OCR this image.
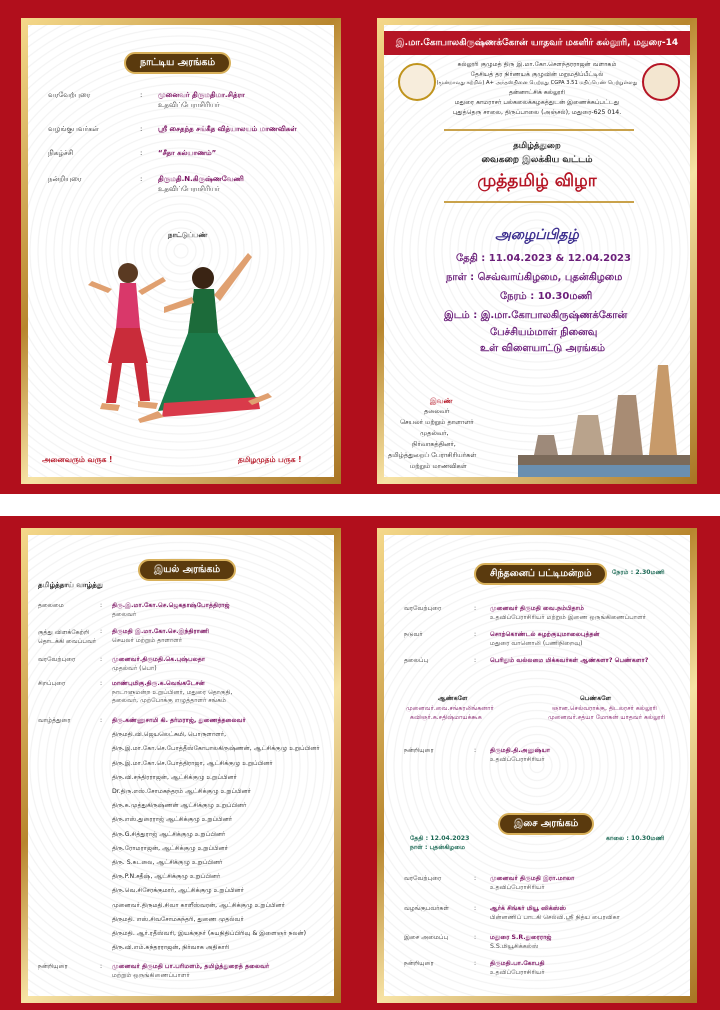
நாட்டிய அரங்கம்
வரவேற்புரை	: முனைவர் திருமதிமா.சித்ரா
உதவிப்பேராசிரியர்
வழங்குபவர்கள்	: ஸ்ரீ சைதந்த சங்கீத வித்யாலயம் மாணவிகள்
நிகழ்ச்சி	: “சீதா கல்யாணம்”
நன்றியுரை	: திருமதி.N.கிருஷ்ணவேணி
உதவிப்பேராசிரியர்
நாட்டுப்பண்
அனைவரும் வருக !	தமிழமுதம் பருக !
இ.மா.கோபாலகிருஷ்ணக்கோன் யாதவர் மகளிர் கல்லூரி, மதுரை-14
கல்லூரி குழுமத் திரு இ.மா.கோ.சௌந்தரராஜன் வளாகம்
தேசியத் தர நிர்ணயக் குழுவின் மறுமதிப்பீட்டில்
(மூன்றாவது சுற்றில்) A+ அந்தஸ்தினை பெற்றது CGPA 3.51 மதிப்பெண் பெற்றுள்ளது
தன்னாட்சிக் கல்லூரி
மதுரை காமராசர் பல்கலைக்கழகத்துடன் இணைக்கப்பட்டது
புதுத்தெரு சாலை, திருப்பாலை (அஞ்சல்), மதுரை-625 014.
தமிழ்த்துறை
வைகறை இலக்கிய வட்டம்
முத்தமிழ் விழா
அழைப்பிதழ்
தேதி : 11.04.2023 & 12.04.2023
நாள் : செவ்வாய்கிழமை, புதன்கிழமை
நேரம் : 10.30மணி
இடம் : இ.மா.கோபாலகிருஷ்ணக்கோன்
பேச்சியம்மாள் நினைவு
உள் விளையாட்டு அரங்கம்
இவண்
தலைவர்
செயலர் மற்றும் தாளாளர்
முதல்வர்,
நிர்வாகத்தினர்,
தமிழ்த்துறைப் பேராசிரியர்கள்
மற்றும் மாணவிகள்
இயல் அரங்கம்
தமிழ்த்தாய் வாழ்த்து
தலைமை	: திரு.இ.மா.கோ.செ.ஜெகதாஷ்போத்திராஜ்
தலைவர்
குத்து விளக்கேற்றி
தொடக்கி வைப்பவர்
: திருமதி இ.மா.கோ.செ.இந்திராணி
செயலர் மற்றும் தாளாளர்
வரவேற்புரை	: முனைவர்.திருமதி.கெ.புஷ்பலதா
முதல்வர் (பொ)
சிறப்புரை	: மாண்புமிகு.திரு.க.வெங்கடேசன்
நாடாளுமன்ற உறுப்பினர், மதுரை தொகுதி,
தலைவர், முற்போக்கு எழுத்தாளர் சங்கம்
வாழ்த்துரை	: திரு.கண்ணுசாமி கி. தர்மராஜ், துணைத்தலைவர்
திருமதி.வி.ஜெயலெட்சுமி, பொருளாளர்,
திரு.இ.மா.கோ.செ.போத்தீஸ்கோபாலகிருஷ்ணன், ஆட்சிக்குழு உறுப்பினர்
திரு.இ.மா.கோ.செ.போத்திராஜா, ஆட்சிக்குழு உறுப்பினர்
திரு.வி.சந்திரராஜன், ஆட்சிக்குழு உறுப்பினர்
Dr.திரு.எஸ்.சோமசுந்தரம் ஆட்சிக்குழு உறுப்பினர்
திரு.க.முத்துகிருஷ்ணன் ஆட்சிக்குழு உறுப்பினர்
திரு.எஸ்.துரைராஜ் ஆட்சிக்குழு உறுப்பினர்
திரு.G.சித்துராஜ் ஆட்சிக்குழு உறுப்பினர்
திரு.ரோமராஜன், ஆட்சிக்குழு உறுப்பினர்
திரு. S.கடலை, ஆட்சிக்குழு உறுப்பினர்
திரு.P.N.சதீஷ், ஆட்சிக்குழு உறுப்பினர்
திரு.வெ.சிசேரக்குமார், ஆட்சிக்குழு உறுப்பினர்
முனைவர்.திருமதி.சிவா காளீஸ்வரன், ஆட்சிக்குழு உறுப்பினர்
திருமதி. எஸ்.சிவசோமசுந்தரி, துணை முதல்வர்
திருமதி. ஆர்.ரதீஸ்வரி, இயக்குநர் (சுயநிதிப்பிரிவு & இளைஞர் நலன்)
திரு.வி.எம்.சுந்தரராஜன், நிர்வாக அதிகாரி
நன்றியுரை	: முனைவர் திருமதி பா.பரிமளம், தமிழ்த்துறைத் தலைவர்
மற்றும் ஒருங்கிணைப்பாளர்
சிந்தனைப் பட்டிமன்றம்	நேரம் : 2.30மணி
வரவேற்புரை	: முனைவர் திருமதி வை.நம்பிதாம்
உதவிப்பேராசிரியர் மற்றும் இணை ஒருங்கிணைப்பாளர்
நடுவர்	: சொற்கொண்டல் சுழற்குயுமாலைபுத்தன்
மதுரை வானொலி (பணிநிறைவு)
தலைப்பு	: பெரிதும் வல்லமை மிக்கவர்கள் ஆண்களா? பெண்களா?
ஆண்களே
முனைவர்.வை.சங்கரலிங்கனார்
கவிஞர்.க.சதிஷ்மாயக்கூக
பெண்களே
ஞான.செல்வராக்கு, திடலரசர் கல்லூரி
முனைவர்.சத்யா மோகன் யாதவர் கல்லூரி
நன்றியுரை	: திருமதி.தி.அனுஷ்யா
உதவிப்பேராசிரியர்
இசை அரங்கம்
தேதி : 12.04.2023
நாள் : புதன்கிழமை
காலை : 10.30மணி
வரவேற்புரை	: முனைவர் திருமதி இரா.மாலா
உதவிப்பேராசிரியர்
வழங்குபவர்கள்	: ஆர்க் சிங்கர் மியூ ஸிக்ஸ்ஸ்
பின்னணிப் பாடகி செல்வி.ஸ்ரீ நித்ய பைரவிகா
இசை அமைப்பு	: மதுரை S.R.துரைராஜ்
S.S.மியூசிக்கல்ஸ்
நன்றியுரை	: திருமதி.பா.கோபதி
உதவிப்பேராசிரியர்
